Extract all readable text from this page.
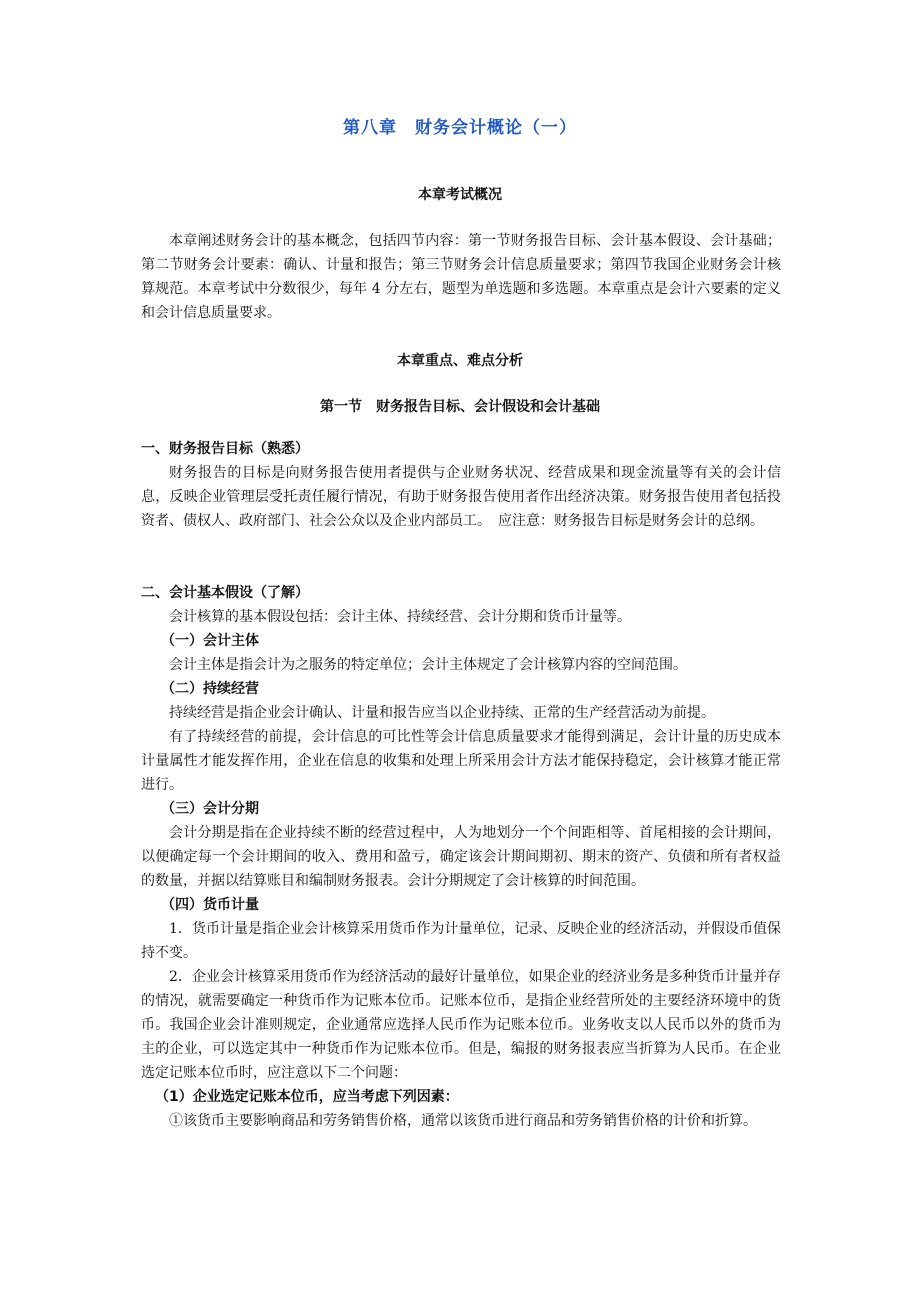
第八章　财务会计概论（一）
本章考试概况

本章阐述财务会计的基本概念，包括四节内容：第一节财务报告目标、会计基本假设、会计基础；第二节财务会计要素：确认、计量和报告；第三节财务会计信息质量要求；第四节我国企业财务会计核算规范。本章考试中分数很少，每年 4 分左右，题型为单选题和多选题。本章重点是会计六要素的定义和会计信息质量要求。

本章重点、难点分析
第一节　财务报告目标、会计假设和会计基础

一、财务报告目标（熟悉）

财务报告的目标是向财务报告使用者提供与企业财务状况、经营成果和现金流量等有关的会计信息，反映企业管理层受托责任履行情况，有助于财务报告使用者作出经济决策。财务报告使用者包括投资者、债权人、政府部门、社会公众以及企业内部员工。　应注意：财务报告目标是财务会计的总纲。

二、会计基本假设（了解）

会计核算的基本假设包括：会计主体、持续经营、会计分期和货币计量等。

（一）会计主体

会计主体是指会计为之服务的特定单位；会计主体规定了会计核算内容的空间范围。

（二）持续经营

持续经营是指企业会计确认、计量和报告应当以企业持续、正常的生产经营活动为前提。

有了持续经营的前提，会计信息的可比性等会计信息质量要求才能得到满足，会计计量的历史成本计量属性才能发挥作用，企业在信息的收集和处理上所采用会计方法才能保持稳定，会计核算才能正常进行。

（三）会计分期

会计分期是指在企业持续不断的经营过程中，人为地划分一个个间距相等、首尾相接的会计期间，以便确定每一个会计期间的收入、费用和盈亏，确定该会计期间期初、期末的资产、负债和所有者权益的数量，并据以结算账目和编制财务报表。会计分期规定了会计核算的时间范围。

（四）货币计量

1．货币计量是指企业会计核算采用货币作为计量单位，记录、反映企业的经济活动，并假设币值保持不变。

2．企业会计核算采用货币作为经济活动的最好计量单位，如果企业的经济业务是多种货币计量并存的情况，就需要确定一种货币作为记账本位币。记账本位币，是指企业经营所处的主要经济环境中的货币。我国企业会计准则规定，企业通常应选择人民币作为记账本位币。业务收支以人民币以外的货币为主的企业，可以选定其中一种货币作为记账本位币。但是，编报的财务报表应当折算为人民币。在企业选定记账本位币时，应注意以下二个问题：

（1）企业选定记账本位币，应当考虑下列因素：

①该货币主要影响商品和劳务销售价格，通常以该货币进行商品和劳务销售价格的计价和折算。
